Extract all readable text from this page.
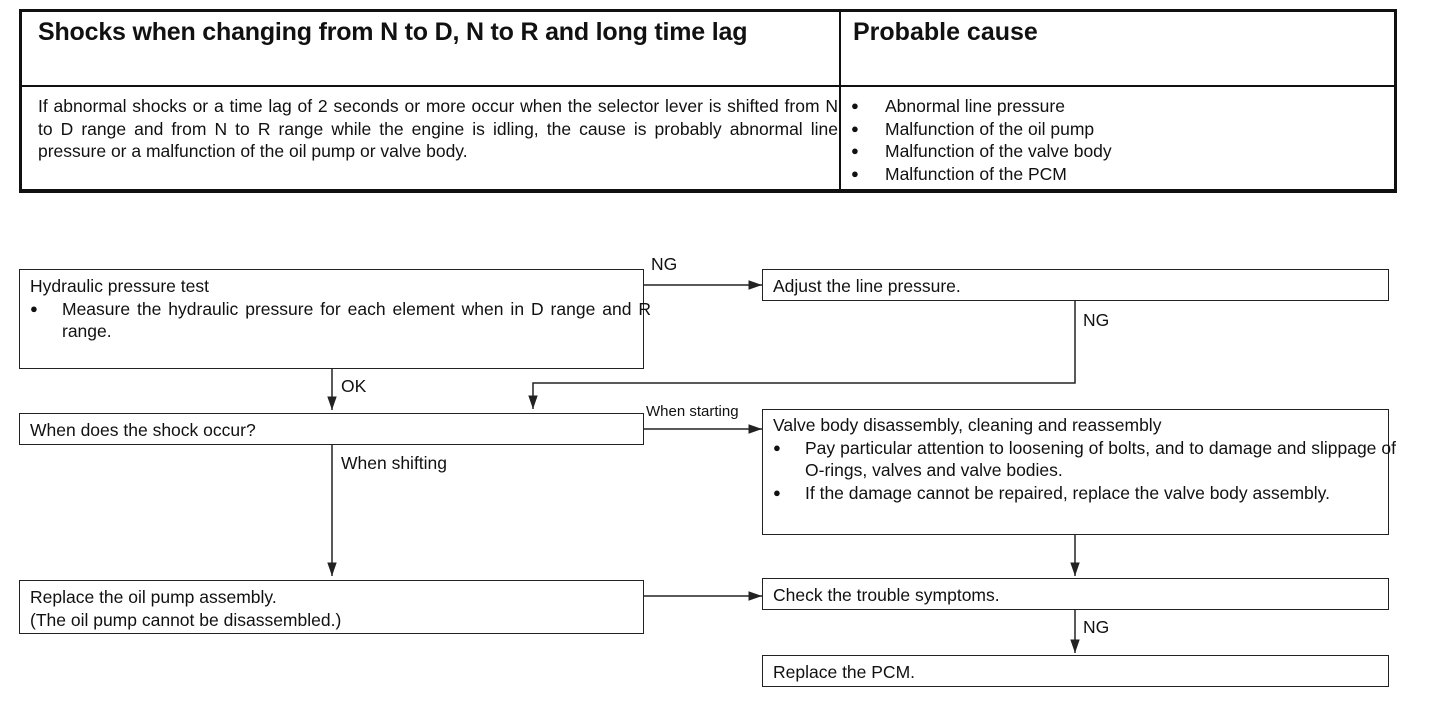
Shocks when changing from N to D, N to R and long time lag	Probable cause
If abnormal shocks or a time lag of 2 seconds or more occur when the selector lever is shifted from N to D range and from N to R range while the engine is idling, the cause is probably abnormal line pressure or a malfunction of the oil pump or valve body.
● Abnormal line pressure
● Malfunction of the oil pump
● Malfunction of the valve body
● Malfunction of the PCM
Hydraulic pressure test
● Measure the hydraulic pressure for each element when in D range and R range.
Adjust the line pressure.
When does the shock occur?	Valve body disassembly, cleaning and reassembly
● Pay particular attention to loosening of bolts, and to damage and slippage of O-rings, valves and valve bodies.
● If the damage cannot be repaired, replace the valve body assembly.
Replace the oil pump assembly.
(The oil pump cannot be disassembled.)
Check the trouble symptoms.
Replace the PCM.
NG
OK
NG
When starting
When shifting
NG
